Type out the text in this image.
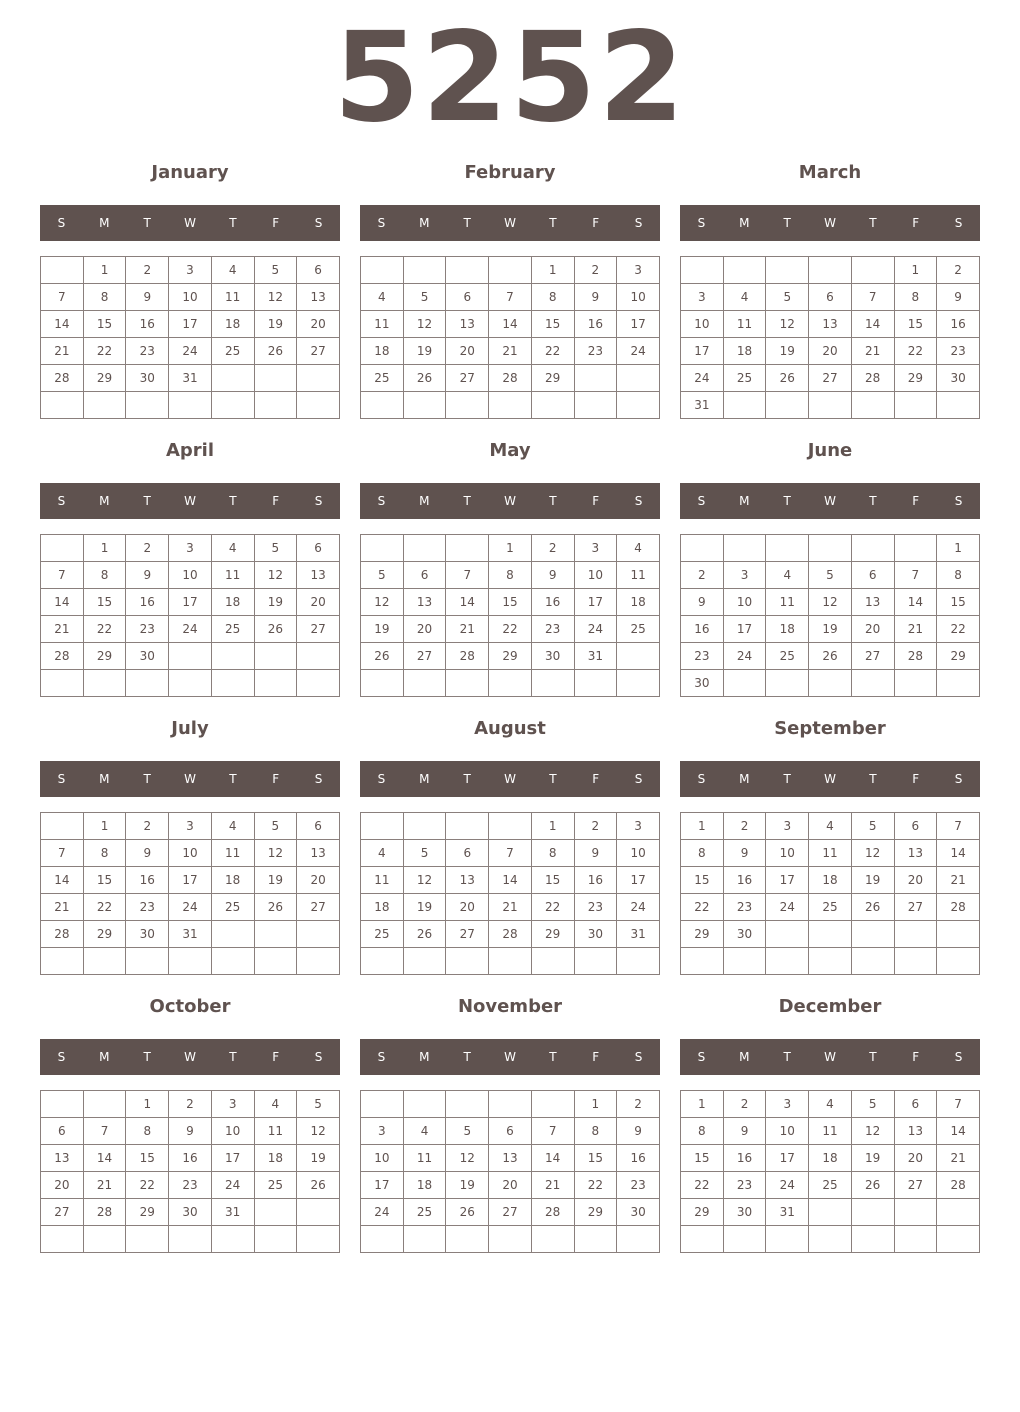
5252
January
S	M	T	W	T	F	S
	1	2	3	4	5	6
7	8	9	10	11	12	13
14	15	16	17	18	19	20
21	22	23	24	25	26	27
28	29	30	31			

February
S	M	T	W	T	F	S
				1	2	3
4	5	6	7	8	9	10
11	12	13	14	15	16	17
18	19	20	21	22	23	24
25	26	27	28	29		

March
S	M	T	W	T	F	S
					1	2
3	4	5	6	7	8	9
10	11	12	13	14	15	16
17	18	19	20	21	22	23
24	25	26	27	28	29	30
31						
April
S	M	T	W	T	F	S
	1	2	3	4	5	6
7	8	9	10	11	12	13
14	15	16	17	18	19	20
21	22	23	24	25	26	27
28	29	30				

May
S	M	T	W	T	F	S
			1	2	3	4
5	6	7	8	9	10	11
12	13	14	15	16	17	18
19	20	21	22	23	24	25
26	27	28	29	30	31	

June
S	M	T	W	T	F	S
						1
2	3	4	5	6	7	8
9	10	11	12	13	14	15
16	17	18	19	20	21	22
23	24	25	26	27	28	29
30						
July
S	M	T	W	T	F	S
	1	2	3	4	5	6
7	8	9	10	11	12	13
14	15	16	17	18	19	20
21	22	23	24	25	26	27
28	29	30	31			

August
S	M	T	W	T	F	S
				1	2	3
4	5	6	7	8	9	10
11	12	13	14	15	16	17
18	19	20	21	22	23	24
25	26	27	28	29	30	31

September
S	M	T	W	T	F	S
1	2	3	4	5	6	7
8	9	10	11	12	13	14
15	16	17	18	19	20	21
22	23	24	25	26	27	28
29	30					

October
S	M	T	W	T	F	S
		1	2	3	4	5
6	7	8	9	10	11	12
13	14	15	16	17	18	19
20	21	22	23	24	25	26
27	28	29	30	31		

November
S	M	T	W	T	F	S
					1	2
3	4	5	6	7	8	9
10	11	12	13	14	15	16
17	18	19	20	21	22	23
24	25	26	27	28	29	30

December
S	M	T	W	T	F	S
1	2	3	4	5	6	7
8	9	10	11	12	13	14
15	16	17	18	19	20	21
22	23	24	25	26	27	28
29	30	31				
